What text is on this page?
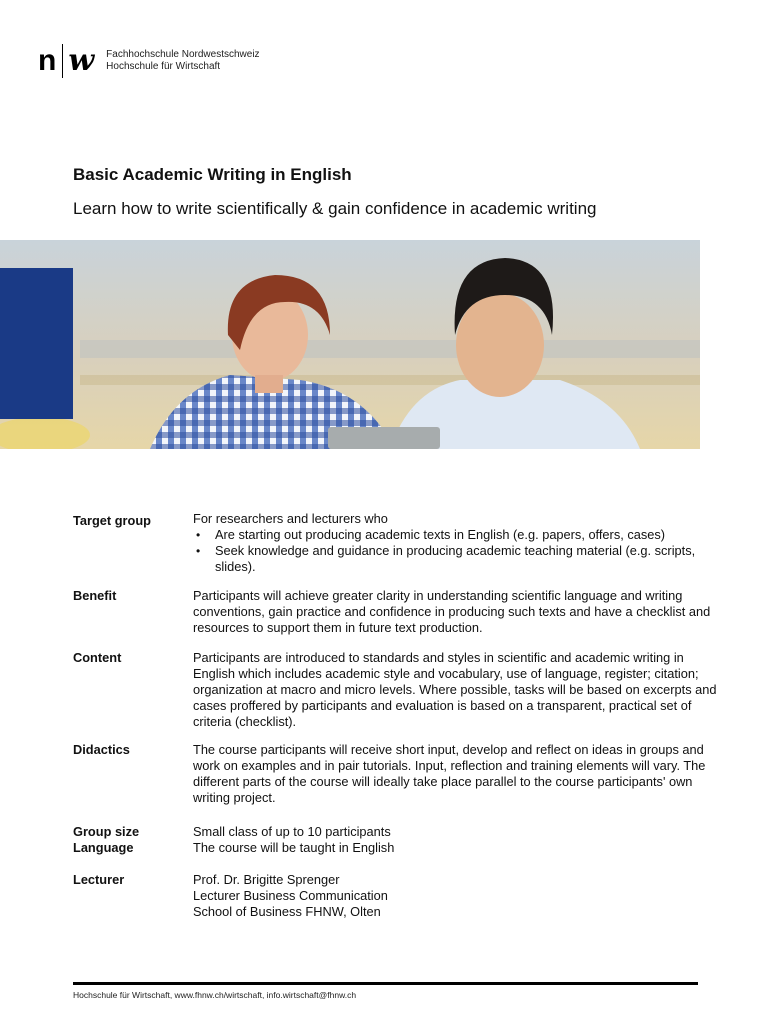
n w Fachhochschule Nordwestschweiz
Hochschule für Wirtschaft
Basic Academic Writing in English
Learn how to write scientifically & gain confidence in academic writing
Target group	For researchers and lecturers who
• Are starting out producing academic texts in English (e.g. papers, offers, cases)
• Seek knowledge and guidance in producing academic teaching material (e.g. scripts, slides).
Benefit	Participants will achieve greater clarity in understanding scientific language and writing conventions, gain practice and confidence in producing such texts and have a checklist and resources to support them in future text production.
Content	Participants are introduced to standards and styles in scientific and academic writing in English which includes academic style and vocabulary, use of language, register; citation; organization at macro and micro levels. Where possible, tasks will be based on excerpts and cases proffered by participants and evaluation is based on a transparent, practical set of criteria (checklist).
Didactics	The course participants will receive short input, develop and reflect on ideas in groups and work on examples and in pair tutorials. Input, reflection and training elements will vary. The different parts of the course will ideally take place parallel to the course participants' own writing project.
Group size	Small class of up to 10 participants
Language	The course will be taught in English
Lecturer	Prof. Dr. Brigitte Sprenger
Lecturer Business Communication
School of Business FHNW, Olten
Hochschule für Wirtschaft, www.fhnw.ch/wirtschaft, info.wirtschaft@fhnw.ch
